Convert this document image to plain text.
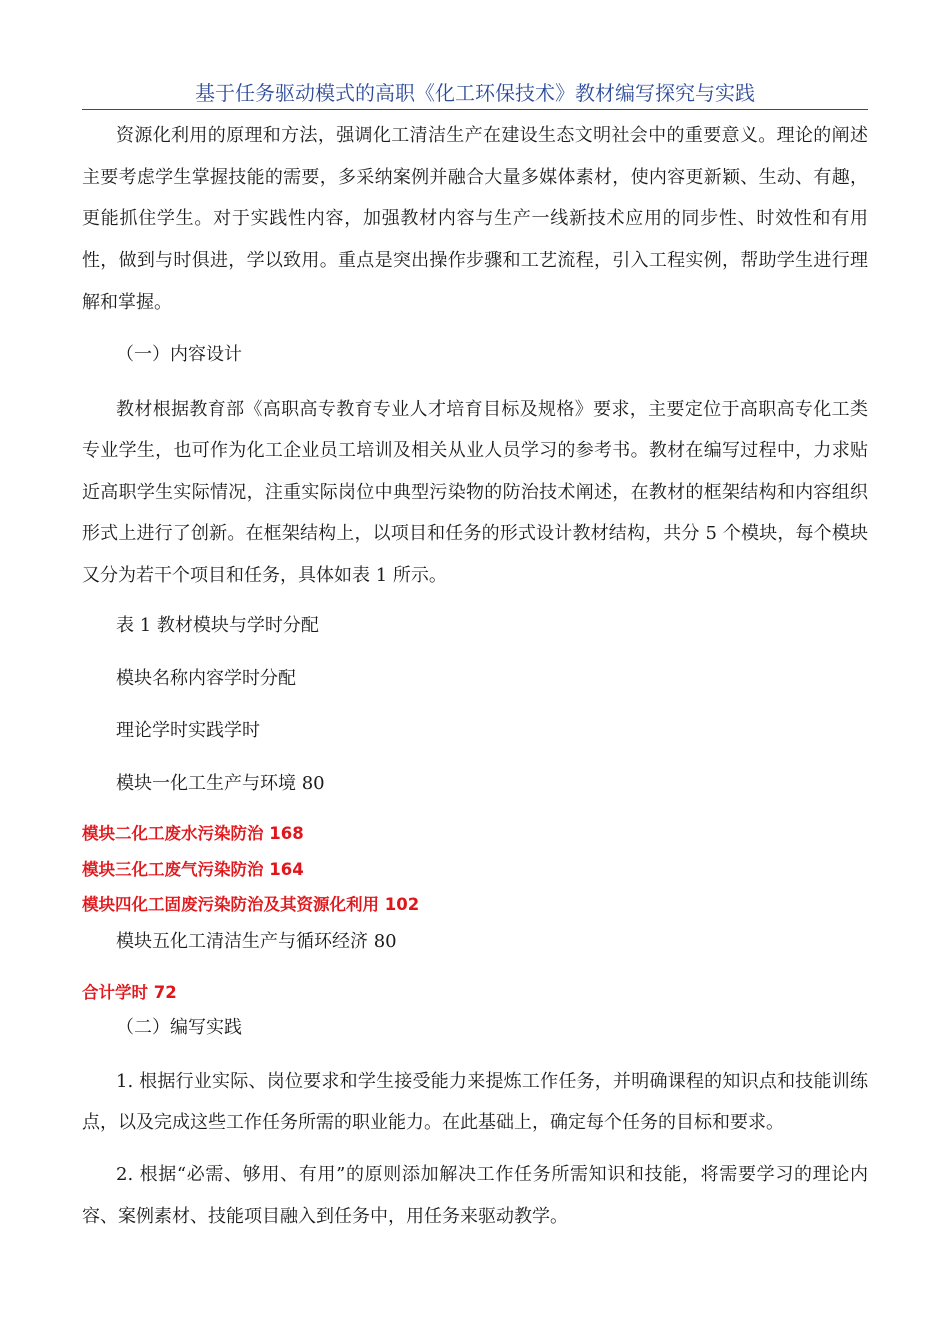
基于任务驱动模式的高职《化工环保技术》教材编写探究与实践
资源化利用的原理和方法，强调化工清洁生产在建设生态文明社会中的重要意义。理论的阐述
主要考虑学生掌握技能的需要，多采纳案例并融合大量多媒体素材，使内容更新颖、生动、有趣，
更能抓住学生。对于实践性内容，加强教材内容与生产一线新技术应用的同步性、时效性和有用
性，做到与时俱进，学以致用。重点是突出操作步骤和工艺流程，引入工程实例，帮助学生进行理
解和掌握。
（一）内容设计
教材根据教育部《高职高专教育专业人才培育目标及规格》要求，主要定位于高职高专化工类
专业学生，也可作为化工企业员工培训及相关从业人员学习的参考书。教材在编写过程中，力求贴
近高职学生实际情况，注重实际岗位中典型污染物的防治技术阐述，在教材的框架结构和内容组织
形式上进行了创新。在框架结构上，以项目和任务的形式设计教材结构，共分 5 个模块，每个模块
又分为若干个项目和任务，具体如表 1 所示。
表 1 教材模块与学时分配
模块名称内容学时分配
理论学时实践学时
模块一化工生产与环境 80
模块二化工废水污染防治 168
模块三化工废气污染防治 164
模块四化工固废污染防治及其资源化利用 102
模块五化工清洁生产与循环经济 80
合计学时 72
（二）编写实践
1. 根据行业实际、岗位要求和学生接受能力来提炼工作任务，并明确课程的知识点和技能训练
点，以及完成这些工作任务所需的职业能力。在此基础上，确定每个任务的目标和要求。
2. 根据“必需、够用、有用”的原则添加解决工作任务所需知识和技能，将需要学习的理论内
容、案例素材、技能项目融入到任务中，用任务来驱动教学。
